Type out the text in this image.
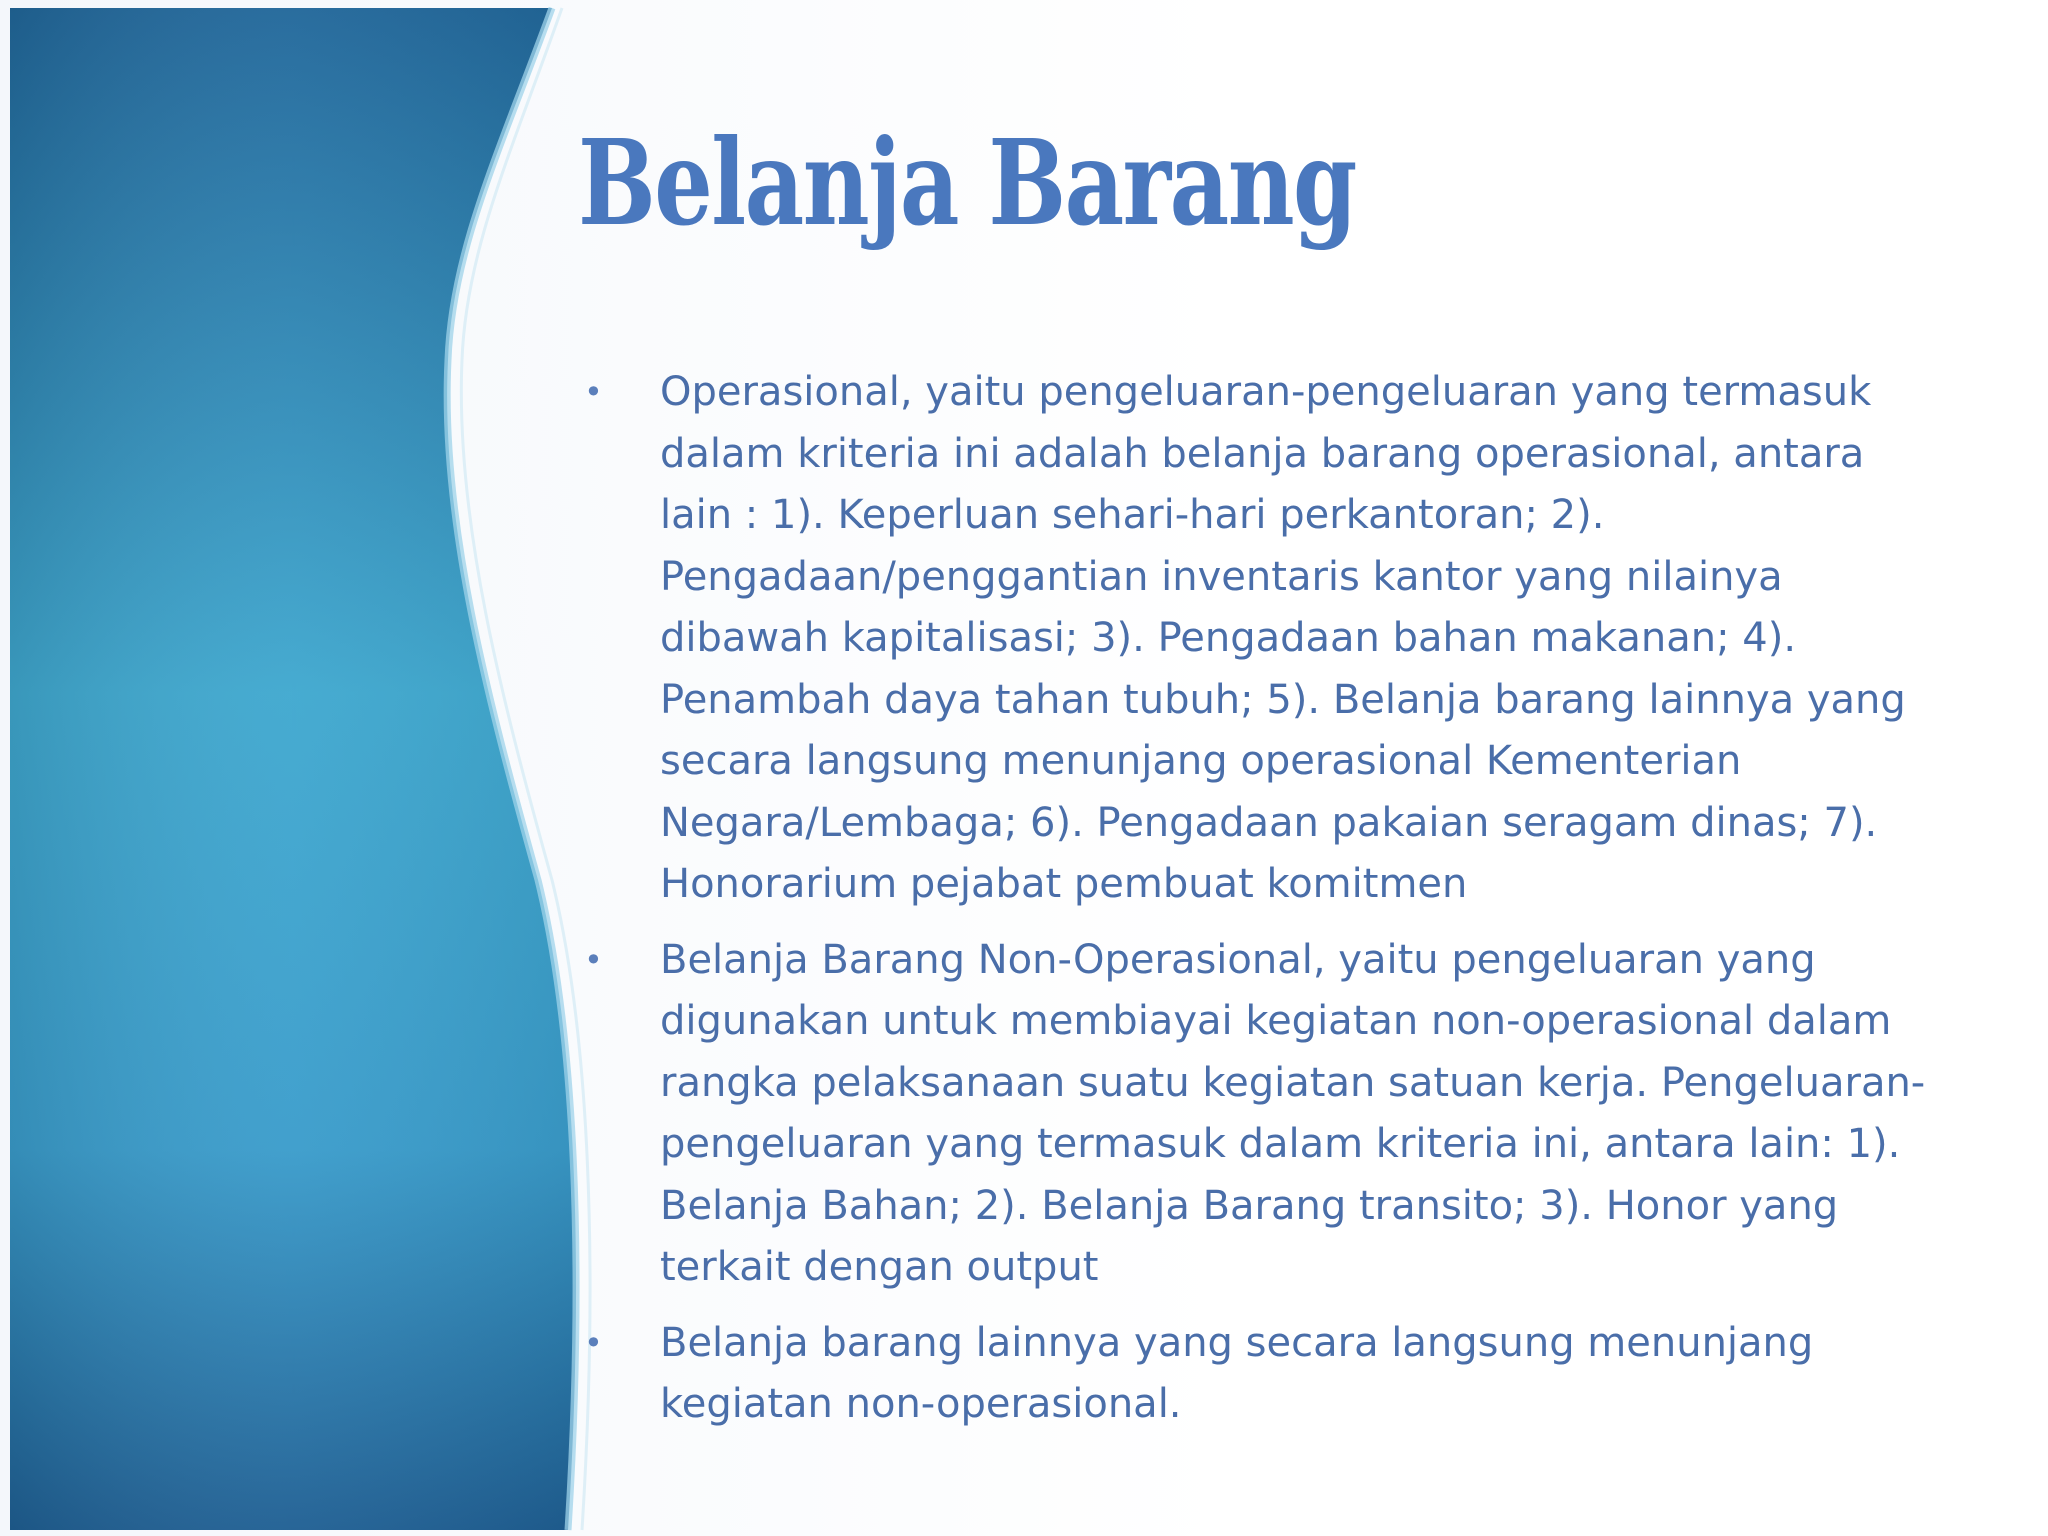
Belanja Barang
• Operasional, yaitu pengeluaran-pengeluaran yang termasuk dalam kriteria ini adalah belanja barang operasional, antara lain : 1). Keperluan sehari-hari perkantoran; 2). Pengadaan/penggantian inventaris kantor yang nilainya dibawah kapitalisasi; 3). Pengadaan bahan makanan; 4). Penambah daya tahan tubuh; 5). Belanja barang lainnya yang secara langsung menunjang operasional Kementerian Negara/Lembaga; 6). Pengadaan pakaian seragam dinas; 7). Honorarium pejabat pembuat komitmen
• Belanja Barang Non-Operasional, yaitu pengeluaran yang digunakan untuk membiayai kegiatan non-operasional dalam rangka pelaksanaan suatu kegiatan satuan kerja. Pengeluaran-pengeluaran yang termasuk dalam kriteria ini, antara lain: 1). Belanja Bahan; 2). Belanja Barang transito; 3). Honor yang terkait dengan output
• Belanja barang lainnya yang secara langsung menunjang kegiatan non-operasional.
